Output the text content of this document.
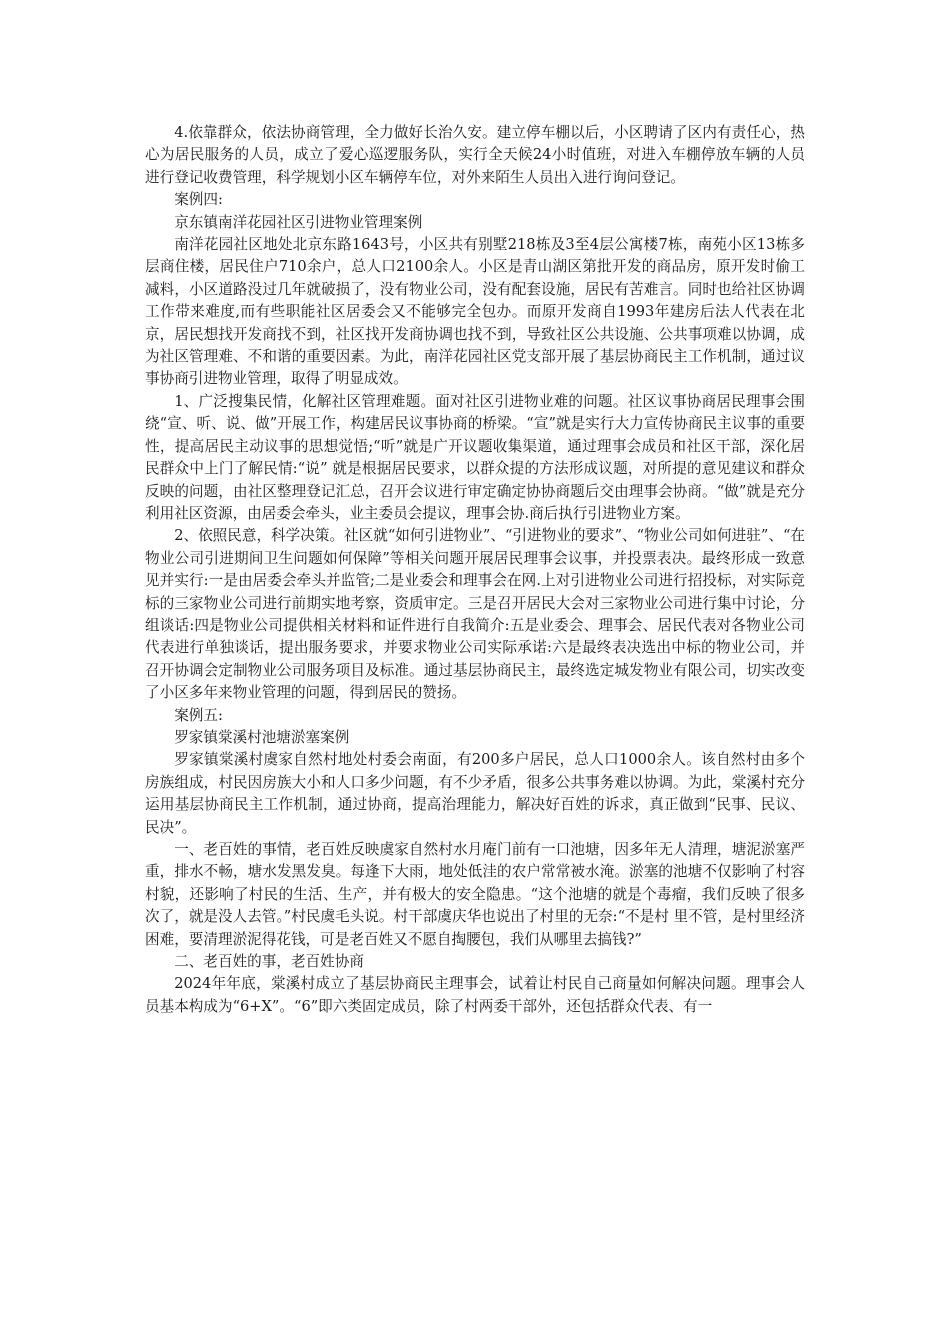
4.依靠群众，依法协商管理，全力做好长治久安。建立停车棚以后，小区聘请了区内有责任心，热心为居民服务的人员，成立了爱心巡逻服务队，实行全天候24小时值班，对进入车棚停放车辆的人员进行登记收费管理，科学规划小区车辆停车位，对外来陌生人员出入进行询问登记。

案例四:

京东镇南洋花园社区引进物业管理案例

南洋花园社区地处北京东路1643号，小区共有别墅218栋及3至4层公寓楼7栋，南苑小区13栋多层商住楼，居民住户710余户，总人口2100余人。小区是青山湖区第批开发的商品房，原开发时偷工减料，小区道路没过几年就破损了，没有物业公司，没有配套设施，居民有苦难言。同时也给社区协调工作带来难度,而有些职能社区居委会又不能够完全包办。而原开发商自1993年建房后法人代表在北京，居民想找开发商找不到，社区找开发商协调也找不到，导致社区公共设施、公共事项难以协调，成为社区管理难、不和谐的重要因素。为此，南洋花园社区党支部开展了基层协商民主工作机制，通过议事协商引进物业管理，取得了明显成效。

1、广泛搜集民情，化解社区管理难题。面对社区引进物业难的问题。社区议事协商居民理事会围绕“宣、听、说、做”开展工作，构建居民议事协商的桥梁。“宣”就是实行大力宣传协商民主议事的重要性，提高居民主动议事的思想觉悟;“听”就是广开议题收集渠道，通过理事会成员和社区干部，深化居民群众中上门了解民情:“说” 就是根据居民要求，以群众提的方法形成议题，对所提的意见建议和群众反映的问题，由社区整理登记汇总，召开会议进行审定确定协协商题后交由理事会协商。“做”就是充分利用社区资源，由居委会牵头，业主委员会提议，理事会协.商后执行引进物业方案。

2、依照民意，科学决策。社区就“如何引进物业”、“引进物业的要求”、“物业公司如何进驻”、“在物业公司引进期间卫生问题如何保障”等相关问题开展居民理事会议事，并投票表决。最终形成一致意见并实行:一是由居委会牵头并监管;二是业委会和理事会在网.上对引进物业公司进行招投标，对实际竞标的三家物业公司进行前期实地考察，资质审定。三是召开居民大会对三家物业公司进行集中讨论，分组谈话:四是物业公司提供相关材料和证件进行自我简介:五是业委会、理事会、居民代表对各物业公司代表进行单独谈话，提出服务要求，并要求物业公司实际承诺:六是最终表决选出中标的物业公司，并召开协调会定制物业公司服务项目及标准。通过基层协商民主，最终选定城发物业有限公司，切实改变了小区多年来物业管理的问题，得到居民的赞扬。

案例五:

罗家镇棠溪村池塘淤塞案例

罗家镇棠溪村虞家自然村地处村委会南面，有200多户居民，总人口1000余人。该自然村由多个房族组成，村民因房族大小和人口多少问题，有不少矛盾，很多公共事务难以协调。为此，棠溪村充分运用基层协商民主工作机制，通过协商，提高治理能力，解决好百姓的诉求，真正做到“民事、民议、民决”。

一、老百姓的事情，老百姓反映虞家自然村水月庵门前有一口池塘，因多年无人清理，塘泥淤塞严重，排水不畅，塘水发黑发臭。每逢下大雨，地处低洼的农户常常被水淹。淤塞的池塘不仅影响了村容村貌，还影响了村民的生活、生产，并有极大的安全隐患。“这个池塘的就是个毒瘤，我们反映了很多次了，就是没人去管。”村民虞毛头说。村干部虞庆华也说出了村里的无奈:“不是村 里不管，是村里经济困难，要清理淤泥得花钱，可是老百姓又不愿自掏腰包，我们从哪里去搞钱?”

二、老百姓的事，老百姓协商

2024年年底，棠溪村成立了基层协商民主理事会，试着让村民自己商量如何解决问题。理事会人员基本构成为“6+X”。“6”即六类固定成员，除了村两委干部外，还包括群众代表、有一
